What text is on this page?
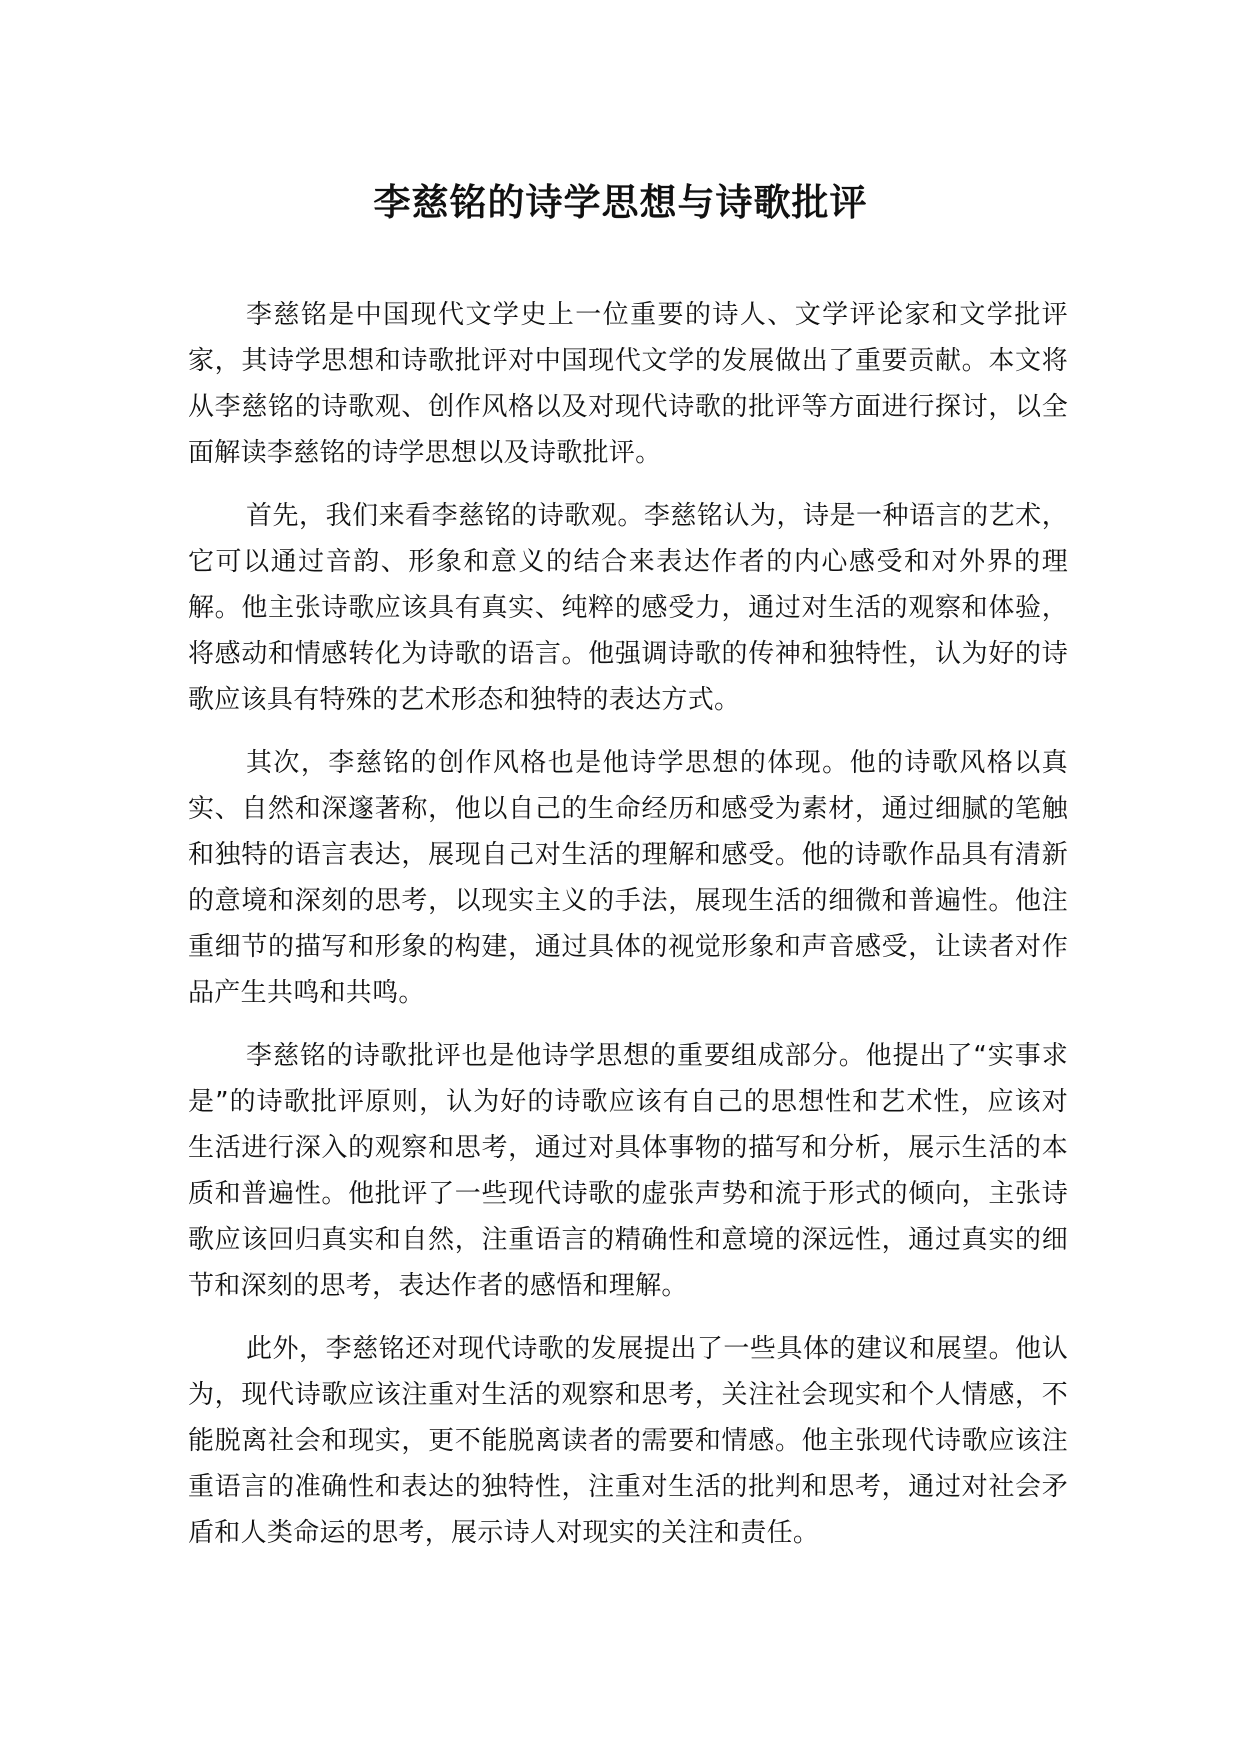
李慈铭的诗学思想与诗歌批评

李慈铭是中国现代文学史上一位重要的诗人、文学评论家和文学批评家，其诗学思想和诗歌批评对中国现代文学的发展做出了重要贡献。本文将从李慈铭的诗歌观、创作风格以及对现代诗歌的批评等方面进行探讨，以全面解读李慈铭的诗学思想以及诗歌批评。

首先，我们来看李慈铭的诗歌观。李慈铭认为，诗是一种语言的艺术，它可以通过音韵、形象和意义的结合来表达作者的内心感受和对外界的理解。他主张诗歌应该具有真实、纯粹的感受力，通过对生活的观察和体验，将感动和情感转化为诗歌的语言。他强调诗歌的传神和独特性，认为好的诗歌应该具有特殊的艺术形态和独特的表达方式。

其次，李慈铭的创作风格也是他诗学思想的体现。他的诗歌风格以真实、自然和深邃著称，他以自己的生命经历和感受为素材，通过细腻的笔触和独特的语言表达，展现自己对生活的理解和感受。他的诗歌作品具有清新的意境和深刻的思考，以现实主义的手法，展现生活的细微和普遍性。他注重细节的描写和形象的构建，通过具体的视觉形象和声音感受，让读者对作品产生共鸣和共鸣。

李慈铭的诗歌批评也是他诗学思想的重要组成部分。他提出了“实事求是”的诗歌批评原则，认为好的诗歌应该有自己的思想性和艺术性，应该对生活进行深入的观察和思考，通过对具体事物的描写和分析，展示生活的本质和普遍性。他批评了一些现代诗歌的虚张声势和流于形式的倾向，主张诗歌应该回归真实和自然，注重语言的精确性和意境的深远性，通过真实的细节和深刻的思考，表达作者的感悟和理解。

此外，李慈铭还对现代诗歌的发展提出了一些具体的建议和展望。他认为，现代诗歌应该注重对生活的观察和思考，关注社会现实和个人情感，不能脱离社会和现实，更不能脱离读者的需要和情感。他主张现代诗歌应该注重语言的准确性和表达的独特性，注重对生活的批判和思考，通过对社会矛盾和人类命运的思考，展示诗人对现实的关注和责任。
